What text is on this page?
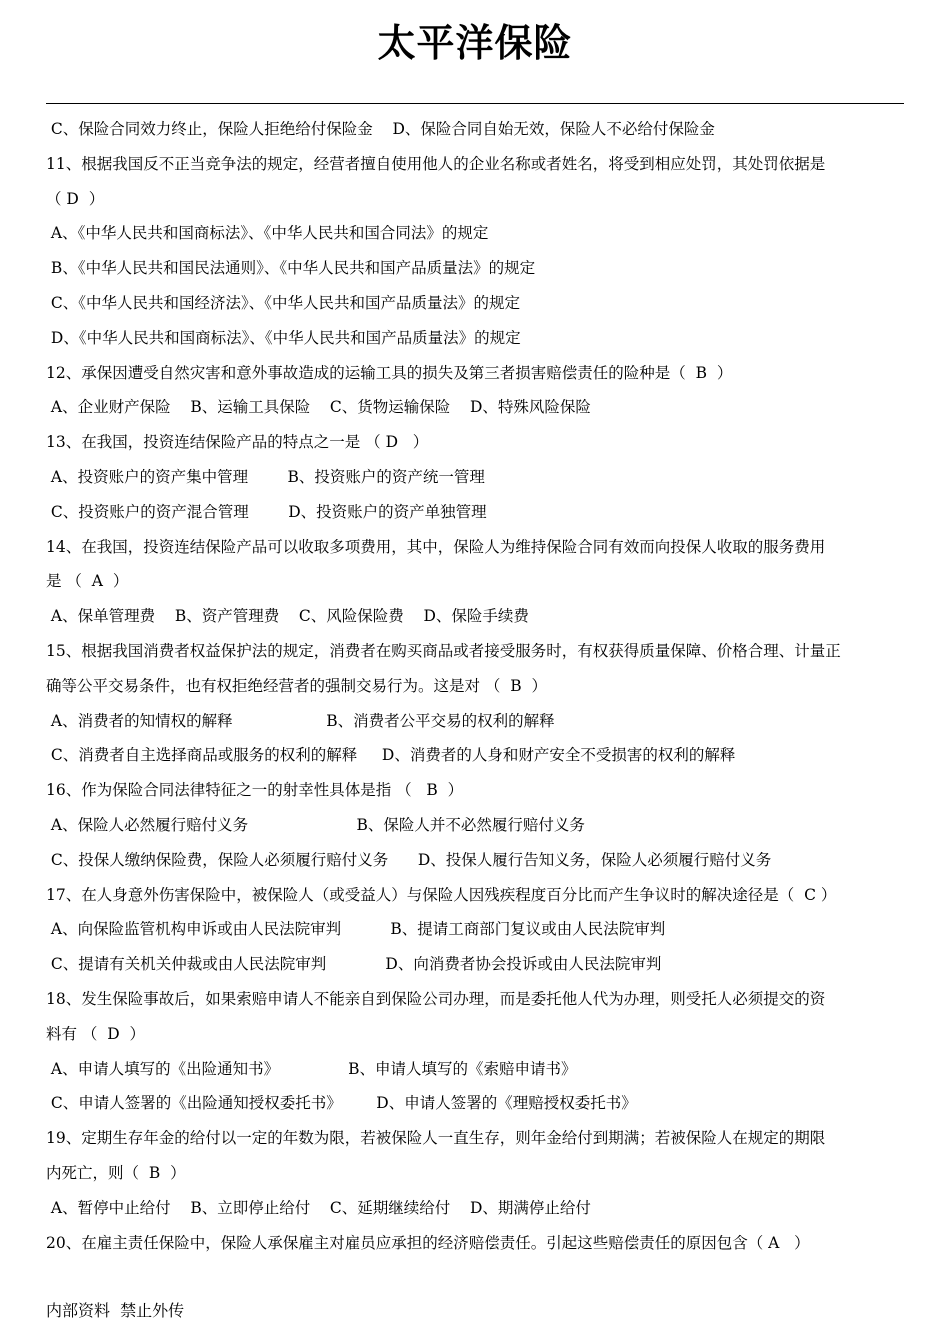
太平洋保险
C、保险合同效力终止，保险人拒绝给付保险金    D、保险合同自始无效，保险人不必给付保险金
11、根据我国反不正当竞争法的规定，经营者擅自使用他人的企业名称或者姓名，将受到相应处罚，其处罚依据是
（ D  ）
A、《中华人民共和国商标法》、《中华人民共和国合同法》的规定
B、《中华人民共和国民法通则》、《中华人民共和国产品质量法》的规定
C、《中华人民共和国经济法》、《中华人民共和国产品质量法》的规定
D、《中华人民共和国商标法》、《中华人民共和国产品质量法》的规定
12、承保因遭受自然灾害和意外事故造成的运输工具的损失及第三者损害赔偿责任的险种是（  B  ）
A、企业财产保险    B、运输工具保险    C、货物运输保险    D、特殊风险保险
13、在我国，投资连结保险产品的特点之一是 （ D   ）
A、投资账户的资产集中管理        B、投资账户的资产统一管理
C、投资账户的资产混合管理        D、投资账户的资产单独管理
14、在我国，投资连结保险产品可以收取多项费用，其中，保险人为维持保险合同有效而向投保人收取的服务费用
是 （  A  ）
A、保单管理费    B、资产管理费    C、风险保险费    D、保险手续费
15、根据我国消费者权益保护法的规定，消费者在购买商品或者接受服务时，有权获得质量保障、价格合理、计量正
确等公平交易条件，也有权拒绝经营者的强制交易行为。这是对 （  B  ）
A、消费者的知情权的解释                   B、消费者公平交易的权利的解释
C、消费者自主选择商品或服务的权利的解释     D、消费者的人身和财产安全不受损害的权利的解释
16、作为保险合同法律特征之一的射幸性具体是指 （   B  ）
A、保险人必然履行赔付义务                      B、保险人并不必然履行赔付义务
C、投保人缴纳保险费，保险人必须履行赔付义务      D、投保人履行告知义务，保险人必须履行赔付义务
17、在人身意外伤害保险中，被保险人（或受益人）与保险人因残疾程度百分比而产生争议时的解决途径是（  C ）
A、向保险监管机构申诉或由人民法院审判          B、提请工商部门复议或由人民法院审判
C、提请有关机关仲裁或由人民法院审判            D、向消费者协会投诉或由人民法院审判
18、发生保险事故后，如果索赔申请人不能亲自到保险公司办理，而是委托他人代为办理，则受托人必须提交的资
料有 （  D  ）
A、申请人填写的《出险通知书》              B、申请人填写的《索赔申请书》
C、申请人签署的《出险通知授权委托书》       D、申请人签署的《理赔授权委托书》
19、定期生存年金的给付以一定的年数为限，若被保险人一直生存，则年金给付到期满；若被保险人在规定的期限
内死亡，则（  B  ）
A、暂停中止给付    B、立即停止给付    C、延期继续给付    D、期满停止给付
20、在雇主责任保险中，保险人承保雇主对雇员应承担的经济赔偿责任。引起这些赔偿责任的原因包含（ A   ）
内部资料  禁止外传
